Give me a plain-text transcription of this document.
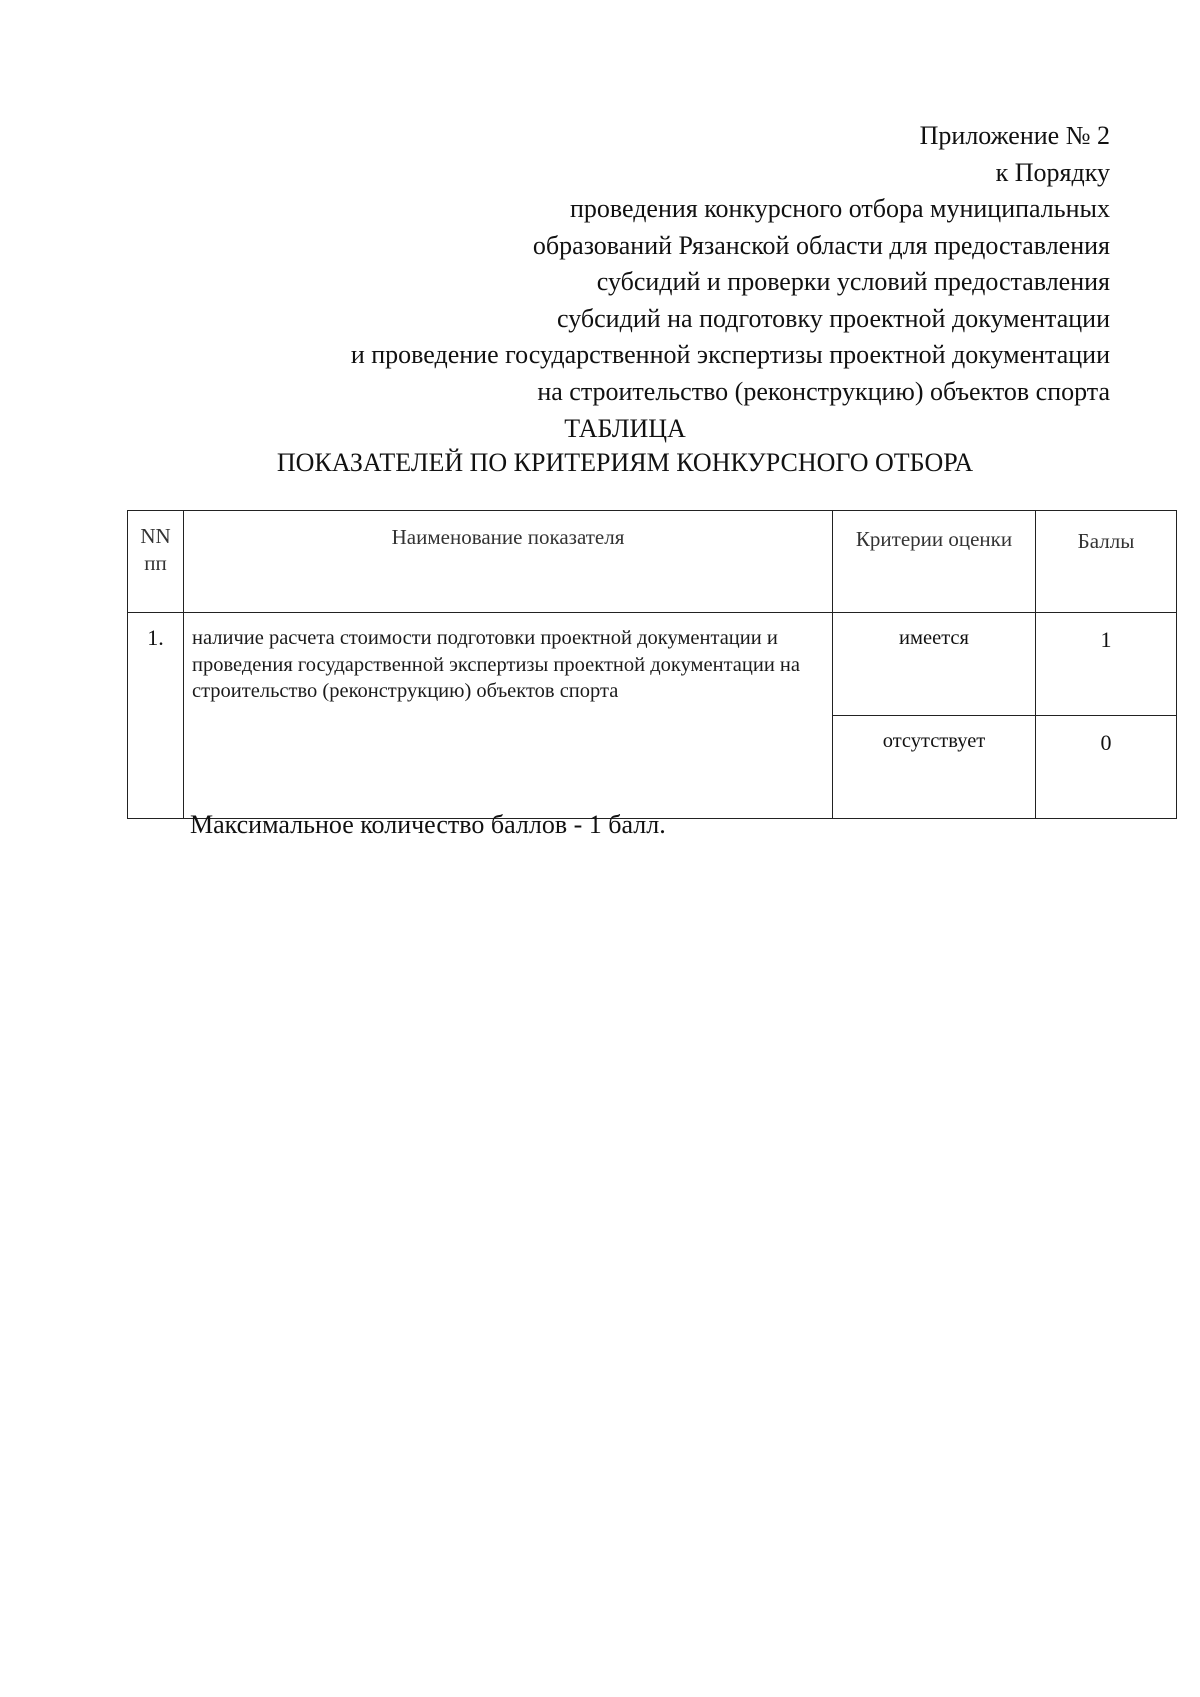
Приложение № 2
к Порядку
проведения конкурсного отбора муниципальных
образований Рязанской области для предоставления
субсидий и проверки условий предоставления
субсидий на подготовку проектной документации
и проведение государственной экспертизы проектной документации
на строительство (реконструкцию) объектов спорта
ТАБЛИЦА
ПОКАЗАТЕЛЕЙ ПО КРИТЕРИЯМ КОНКУРСНОГО ОТБОРА
NN
пп	Наименование показателя	Критерии оценки	Баллы
1.	наличие расчета стоимости подготовки проектной документации и проведения государственной экспертизы проектной документации на строительство (реконструкцию) объектов спорта	имеется	1
		отсутствует	0
Максимальное количество баллов - 1 балл.
